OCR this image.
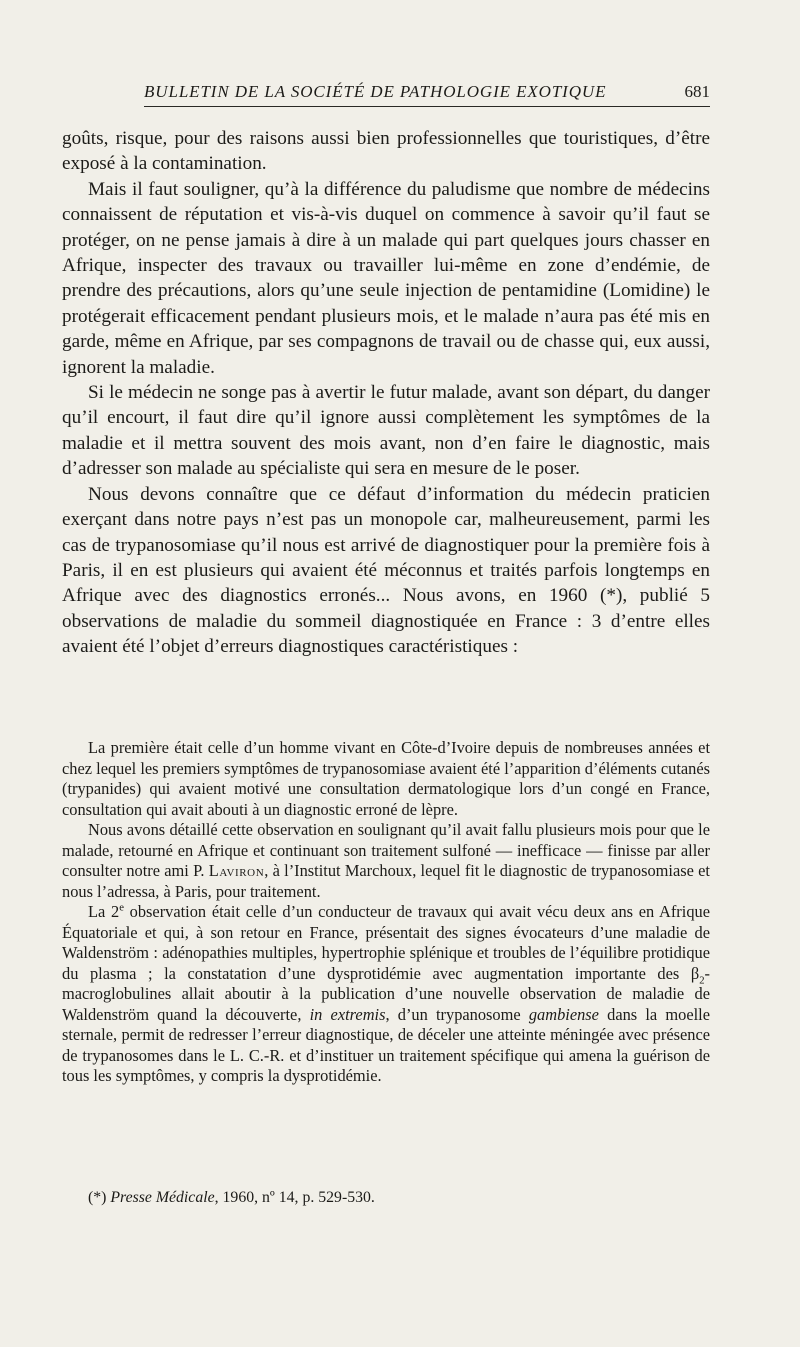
BULLETIN DE LA SOCIÉTÉ DE PATHOLOGIE EXOTIQUE	681

goûts, risque, pour des raisons aussi bien professionnelles que touristiques, d’être exposé à la contamination.

Mais il faut souligner, qu’à la différence du paludisme que nombre de médecins connaissent de réputation et vis-à-vis duquel on commence à savoir qu’il faut se protéger, on ne pense jamais à dire à un malade qui part quelques jours chasser en Afrique, inspecter des travaux ou travailler lui-même en zone d’endémie, de prendre des précautions, alors qu’une seule injection de pentamidine (Lomidine) le protégerait efficacement pendant plusieurs mois, et le malade n’aura pas été mis en garde, même en Afrique, par ses compagnons de travail ou de chasse qui, eux aussi, ignorent la maladie.

Si le médecin ne songe pas à avertir le futur malade, avant son départ, du danger qu’il encourt, il faut dire qu’il ignore aussi complètement les symptômes de la maladie et il mettra souvent des mois avant, non d’en faire le diagnostic, mais d’adresser son malade au spécialiste qui sera en mesure de le poser.

Nous devons connaître que ce défaut d’information du médecin praticien exerçant dans notre pays n’est pas un monopole car, malheureusement, parmi les cas de trypanosomiase qu’il nous est arrivé de diagnostiquer pour la première fois à Paris, il en est plusieurs qui avaient été méconnus et traités parfois longtemps en Afrique avec des diagnostics erronés... Nous avons, en 1960 (*), publié 5 observations de maladie du sommeil diagnostiquée en France : 3 d’entre elles avaient été l’objet d’erreurs diagnostiques caractéristiques :

La première était celle d’un homme vivant en Côte-d’Ivoire depuis de nombreuses années et chez lequel les premiers symptômes de trypanosomiase avaient été l’apparition d’éléments cutanés (trypanides) qui avaient motivé une consultation dermatologique lors d’un congé en France, consultation qui avait abouti à un diagnostic erroné de lèpre.

Nous avons détaillé cette observation en soulignant qu’il avait fallu plusieurs mois pour que le malade, retourné en Afrique et continuant son traitement sulfoné — inefficace — finisse par aller consulter notre ami P. Laviron, à l’Institut Marchoux, lequel fit le diagnostic de trypanosomiase et nous l’adressa, à Paris, pour traitement.

La 2e observation était celle d’un conducteur de travaux qui avait vécu deux ans en Afrique Équatoriale et qui, à son retour en France, présentait des signes évocateurs d’une maladie de Waldenström : adénopathies multiples, hypertrophie splénique et troubles de l’équilibre protidique du plasma ; la constatation d’une dysprotidémie avec augmentation importante des $\beta_2$-macroglobulines allait aboutir à la publication d’une nouvelle observation de maladie de Waldenström quand la découverte, in extremis, d’un trypanosome gambiense dans la moelle sternale, permit de redresser l’erreur diagnostique, de déceler une atteinte méningée avec présence de trypanosomes dans le L. C.-R. et d’instituer un traitement spécifique qui amena la guérison de tous les symptômes, y compris la dysprotidémie.

(*) Presse Médicale, 1960, nº 14, p. 529-530.
